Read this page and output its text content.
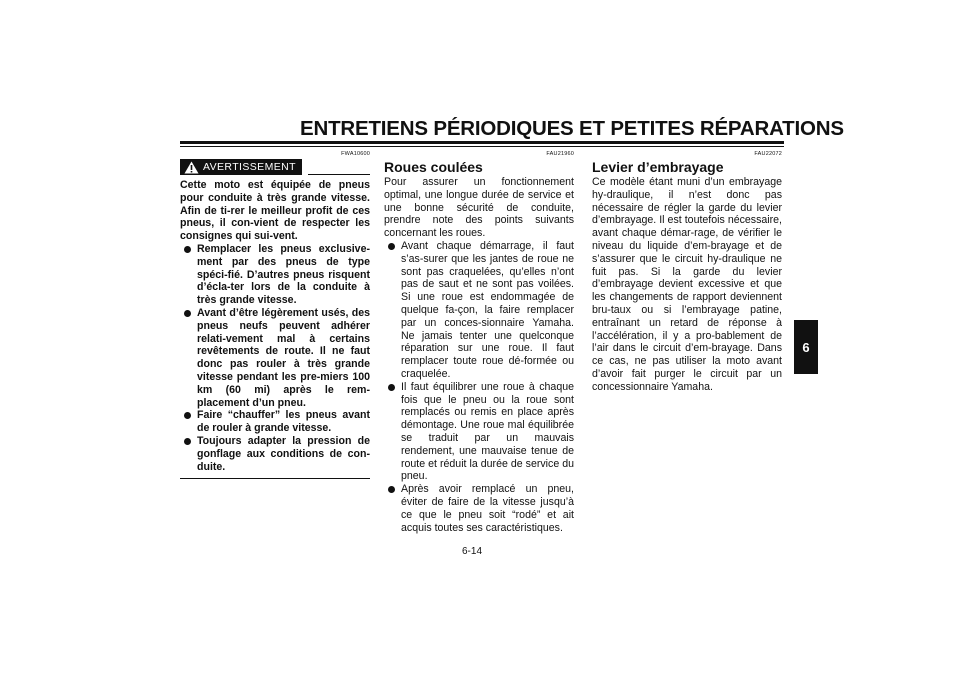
ENTRETIENS PÉRIODIQUES ET PETITES RÉPARATIONS
FWA10600
AVERTISSEMENT

Cette moto est équipée de pneus pour conduite à très grande vitesse. Afin de ti-rer le meilleur profit de ces pneus, il con-vient de respecter les consignes qui sui-vent.

Remplacer les pneus exclusive-ment par des pneus de type spéci-fié. D’autres pneus risquent d’écla-ter lors de la conduite à très grande vitesse.
Avant d’être légèrement usés, des pneus neufs peuvent adhérer relati-vement mal à certains revêtements de route. Il ne faut donc pas rouler à très grande vitesse pendant les pre-miers 100 km (60 mi) après le rem-placement d’un pneu.
Faire “chauffer” les pneus avant de rouler à grande vitesse.
Toujours adapter la pression de gonflage aux conditions de con-duite.
FAU21960
Roues coulées

Pour assurer un fonctionnement optimal, une longue durée de service et une bonne sécurité de conduite, prendre note des points suivants concernant les roues.

Avant chaque démarrage, il faut s’as-surer que les jantes de roue ne sont pas craquelées, qu’elles n’ont pas de saut et ne sont pas voilées. Si une roue est endommagée de quelque fa-çon, la faire remplacer par un conces-sionnaire Yamaha. Ne jamais tenter une quelconque réparation sur une roue. Il faut remplacer toute roue dé-formée ou craquelée.
Il faut équilibrer une roue à chaque fois que le pneu ou la roue sont remplacés ou remis en place après démontage. Une roue mal équilibrée se traduit par un mauvais rendement, une mauvaise tenue de route et réduit la durée de service du pneu.
Après avoir remplacé un pneu, éviter de faire de la vitesse jusqu’à ce que le pneu soit “rodé” et ait acquis toutes ses caractéristiques.
FAU22072
Levier d’embrayage

Ce modèle étant muni d’un embrayage hy-draulique, il n’est donc pas nécessaire de régler la garde du levier d’embrayage. Il est toutefois nécessaire, avant chaque démar-rage, de vérifier le niveau du liquide d’em-brayage et de s’assurer que le circuit hy-draulique ne fuit pas. Si la garde du levier d’embrayage devient excessive et que les changements de rapport deviennent bru-taux ou si l’embrayage patine, entraînant un retard de réponse à l’accélération, il y a pro-bablement de l’air dans le circuit d’em-brayage. Dans ce cas, ne pas utiliser la moto avant d’avoir fait purger le circuit par un concessionnaire Yamaha.

6
6-14
